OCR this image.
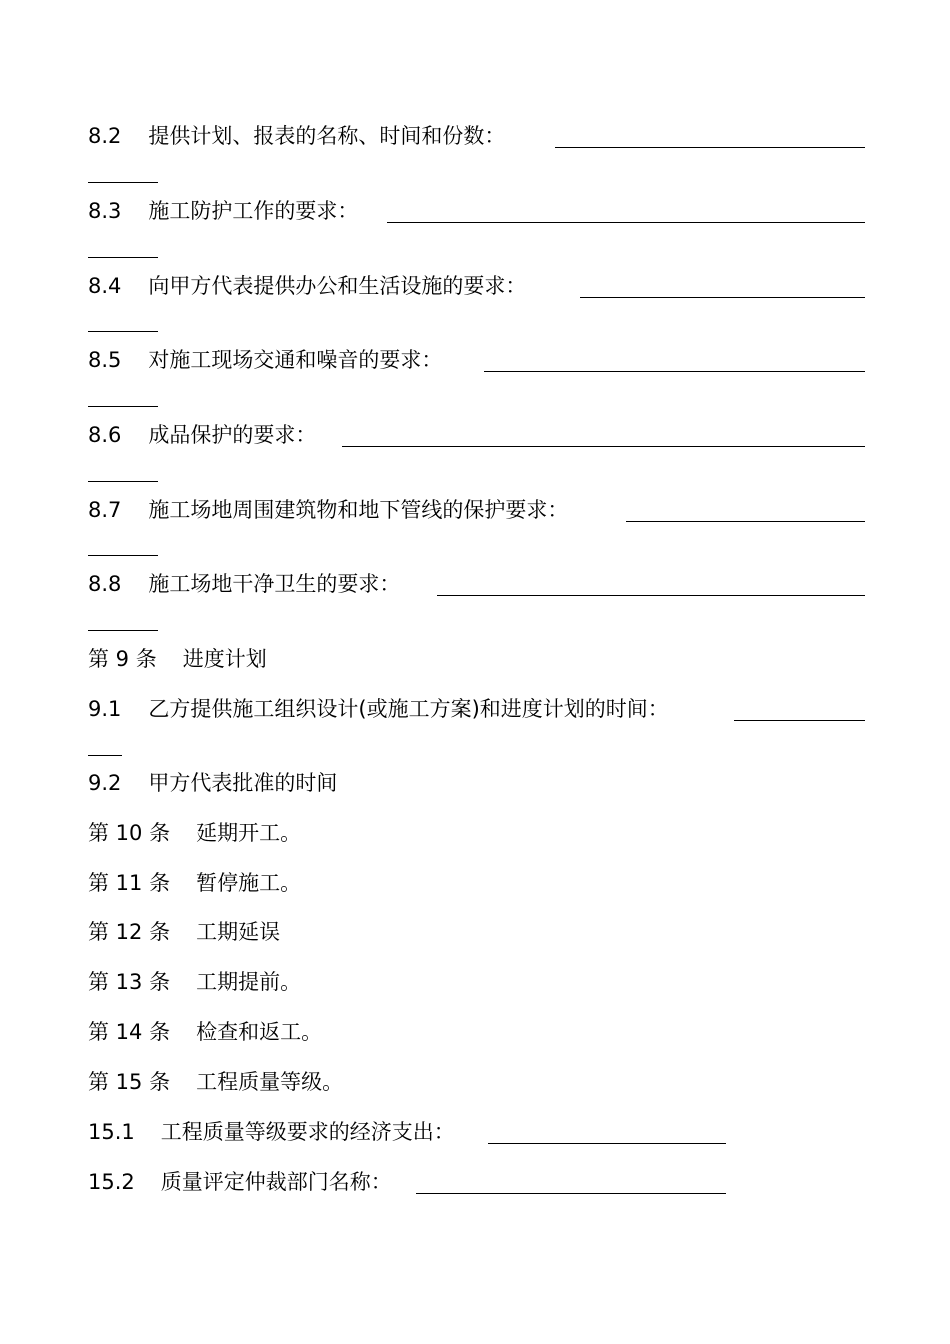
8.2 提供计划、报表的名称、时间和份数：
8.3 施工防护工作的要求：
8.4 向甲方代表提供办公和生活设施的要求：
8.5 对施工现场交通和噪音的要求：
8.6 成品保护的要求：
8.7 施工场地周围建筑物和地下管线的保护要求：
8.8 施工场地干净卫生的要求：
第 9 条 进度计划
9.1 乙方提供施工组织设计(或施工方案)和进度计划的时间：
9.2 甲方代表批准的时间
第 10 条 延期开工。
第 11 条 暂停施工。
第 12 条 工期延误
第 13 条 工期提前。
第 14 条 检查和返工。
第 15 条 工程质量等级。
15.1 工程质量等级要求的经济支出：
15.2 质量评定仲裁部门名称：
